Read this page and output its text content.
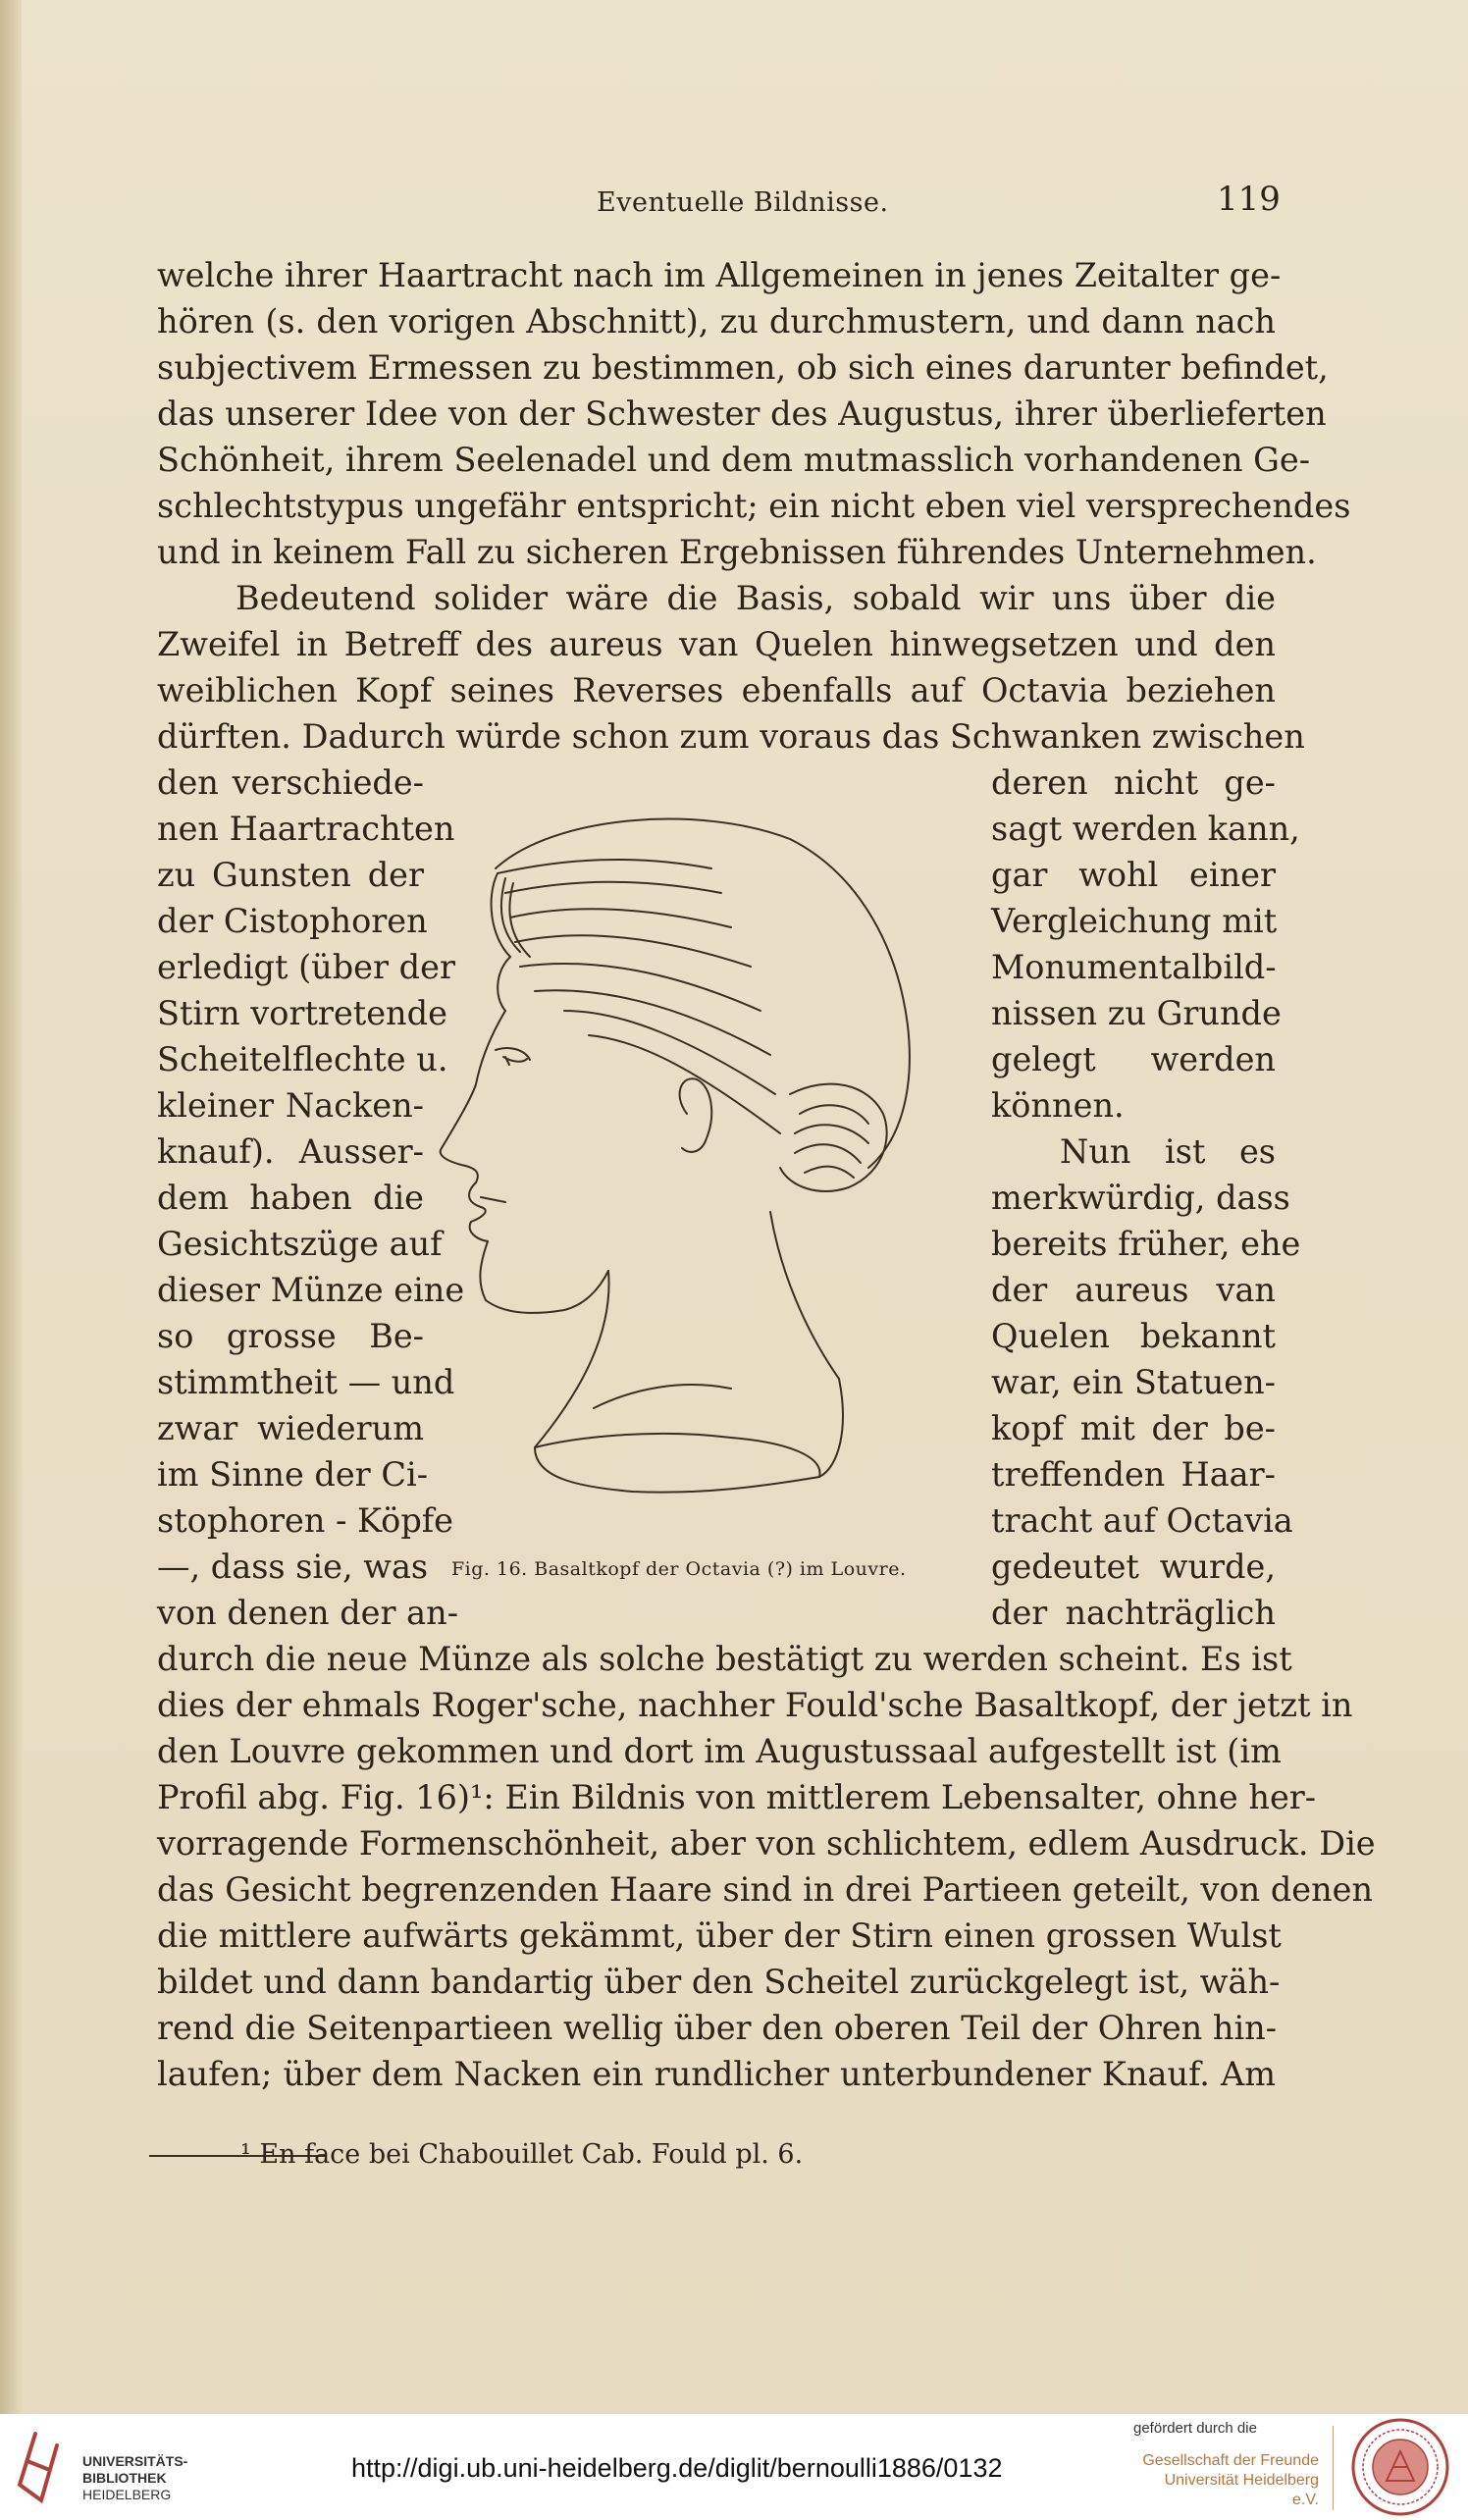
Eventuelle Bildnisse.	119
welche ihrer Haartracht nach im Allgemeinen in jenes Zeitalter ge-
hören (s. den vorigen Abschnitt), zu durchmustern, und dann nach
subjectivem Ermessen zu bestimmen, ob sich eines darunter befindet,
das unserer Idee von der Schwester des Augustus, ihrer überlieferten
Schönheit, ihrem Seelenadel und dem mutmasslich vorhandenen Ge-
schlechtstypus ungefähr entspricht; ein nicht eben viel versprechendes
und in keinem Fall zu sicheren Ergebnissen führendes Unternehmen.
Bedeutend solider wäre die Basis, sobald wir uns über die
Zweifel in Betreff des aureus van Quelen hinwegsetzen und den
weiblichen Kopf seines Reverses ebenfalls auf Octavia beziehen
dürften. Dadurch würde schon zum voraus das Schwanken zwischen
den verschiede-
nen Haartrachten
zu Gunsten der
der Cistophoren
erledigt (über der
Stirn vortretende
Scheitelflechte u.
kleiner Nacken-
knauf). Ausser-
dem haben die
Gesichtszüge auf
dieser Münze eine
so grosse Be-
stimmtheit — und
zwar wiederum
im Sinne der Ci-
stophoren - Köpfe
—, dass sie, was
von denen der an-
deren nicht ge-
sagt werden kann,
gar wohl einer
Vergleichung mit
Monumentalbild-
nissen zu Grunde
gelegt werden
können.
Nun ist es
merkwürdig, dass
bereits früher, ehe
der aureus van
Quelen bekannt
war, ein Statuen-
kopf mit der be-
treffenden Haar-
tracht auf Octavia
gedeutet wurde,
der nachträglich
Fig. 16. Basaltkopf der Octavia (?) im Louvre.
durch die neue Münze als solche bestätigt zu werden scheint. Es ist
dies der ehmals Roger'sche, nachher Fould'sche Basaltkopf, der jetzt in
den Louvre gekommen und dort im Augustussaal aufgestellt ist (im
Profil abg. Fig. 16)¹: Ein Bildnis von mittlerem Lebensalter, ohne her-
vorragende Formenschönheit, aber von schlichtem, edlem Ausdruck. Die
das Gesicht begrenzenden Haare sind in drei Partieen geteilt, von denen
die mittlere aufwärts gekämmt, über der Stirn einen grossen Wulst
bildet und dann bandartig über den Scheitel zurückgelegt ist, wäh-
rend die Seitenpartieen wellig über den oberen Teil der Ohren hin-
laufen; über dem Nacken ein rundlicher unterbundener Knauf. Am
¹ En face bei Chabouillet Cab. Fould pl. 6.
UNIVERSITÄTS-
BIBLIOTHEK
HEIDELBERG
http://digi.ub.uni-heidelberg.de/diglit/bernoulli1886/0132
gefördert durch die
Gesellschaft der Freunde
Universität Heidelberg e.V.
